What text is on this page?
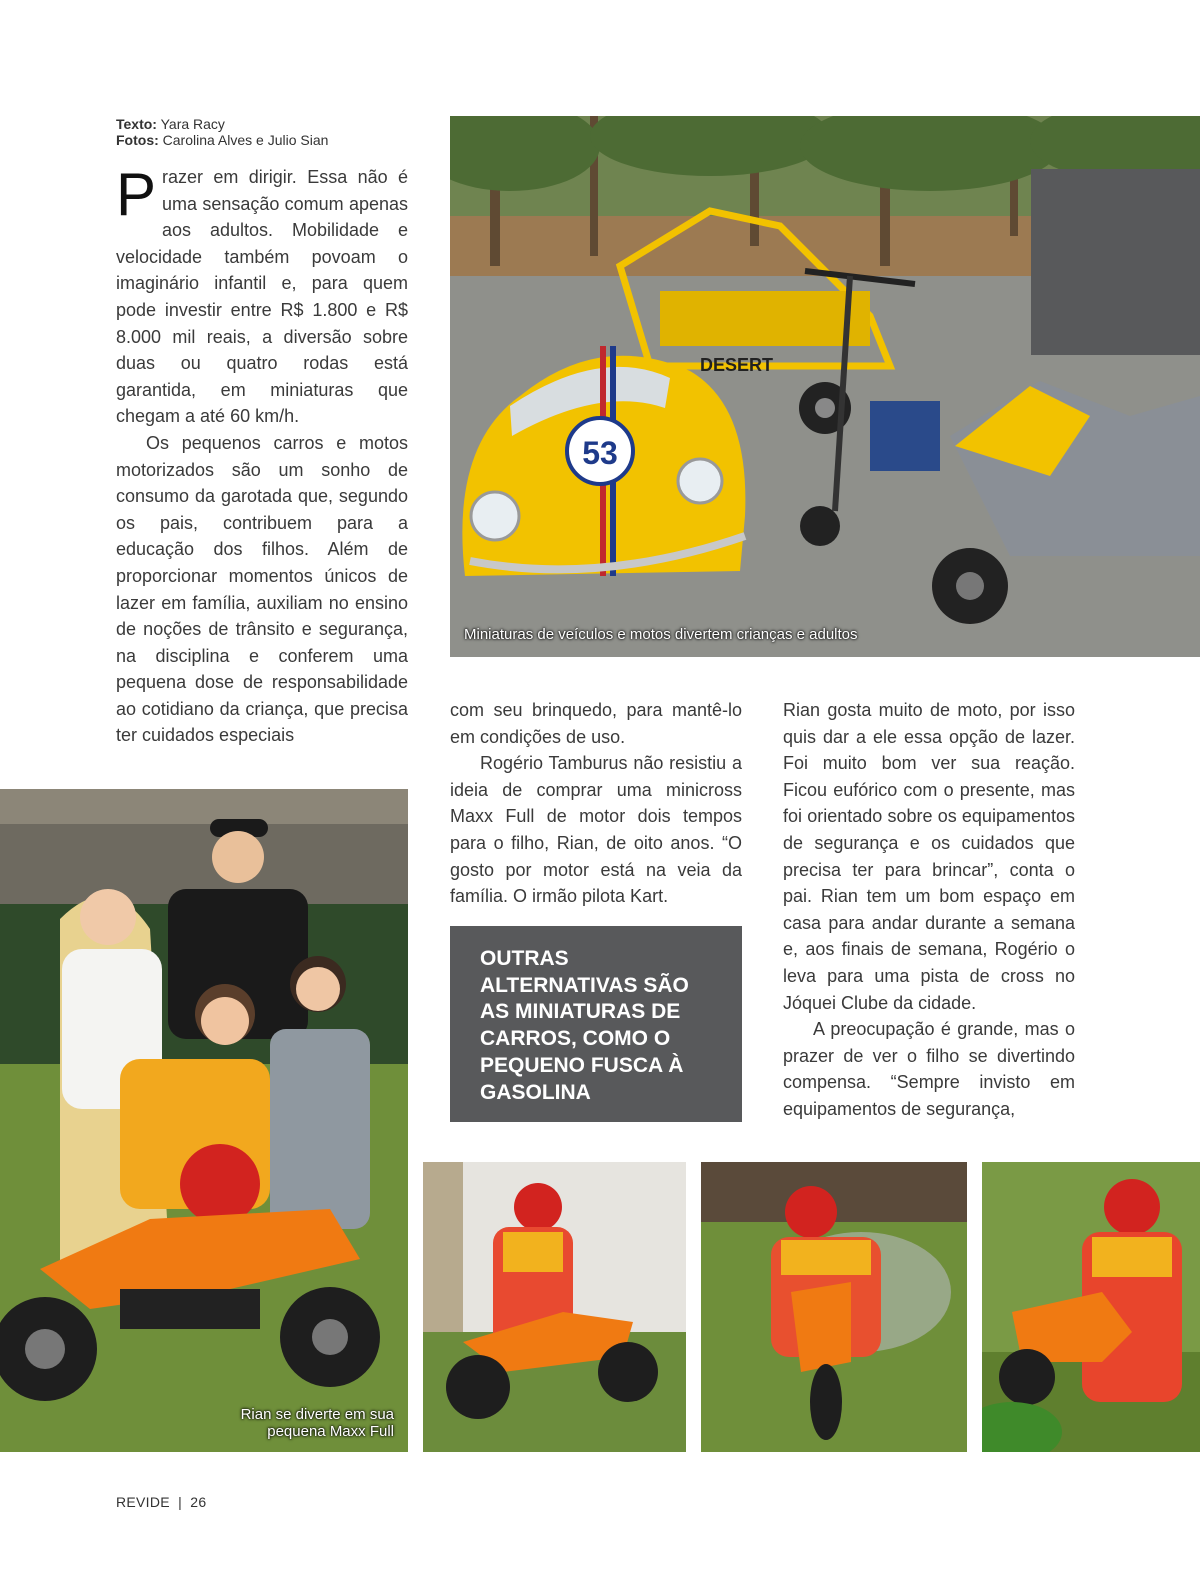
Texto: Yara Racy
Fotos: Carolina Alves e Julio Sian

Prazer em dirigir. Essa não é uma sensação comum apenas aos adultos. Mobilidade e velocidade também povoam o imaginário infantil e, para quem pode investir entre R$ 1.800 e R$ 8.000 mil reais, a diversão sobre duas ou quatro rodas está garantida, em miniaturas que chegam a até 60 km/h.

Os pequenos carros e motos motorizados são um sonho de consumo da garotada que, segundo os pais, contribuem para a educação dos filhos. Além de proporcionar momentos únicos de lazer em família, auxiliam no ensino de noções de trânsito e segurança, na disciplina e conferem uma pequena dose de responsabilidade ao cotidiano da criança, que precisa ter cuidados especiais

com seu brinquedo, para mantê-lo em condições de uso.

Rogério Tamburus não resistiu a ideia de comprar uma minicross Maxx Full de motor dois tempos para o filho, Rian, de oito anos. “O gosto por motor está na veia da família. O irmão pilota Kart.

Rian gosta muito de moto, por isso quis dar a ele essa opção de lazer. Foi muito bom ver sua reação. Ficou eufórico com o presente, mas foi orientado sobre os equipamentos de segurança e os cuidados que precisa ter para brincar”, conta o pai. Rian tem um bom espaço em casa para andar durante a semana e, aos finais de semana, Rogério o leva para uma pista de cross no Jóquei Clube da cidade.

A preocupação é grande, mas o prazer de ver o filho se divertindo compensa. “Sempre invisto em equipamentos de segurança,

OUTRAS ALTERNATIVAS SÃO AS MINIATURAS DE CARROS, COMO O PEQUENO FUSCA À GASOLINA
DESERT
53
Miniaturas de veículos e motos divertem crianças e adultos
Rian se diverte em sua
pequena Maxx Full
REVIDE | 26
